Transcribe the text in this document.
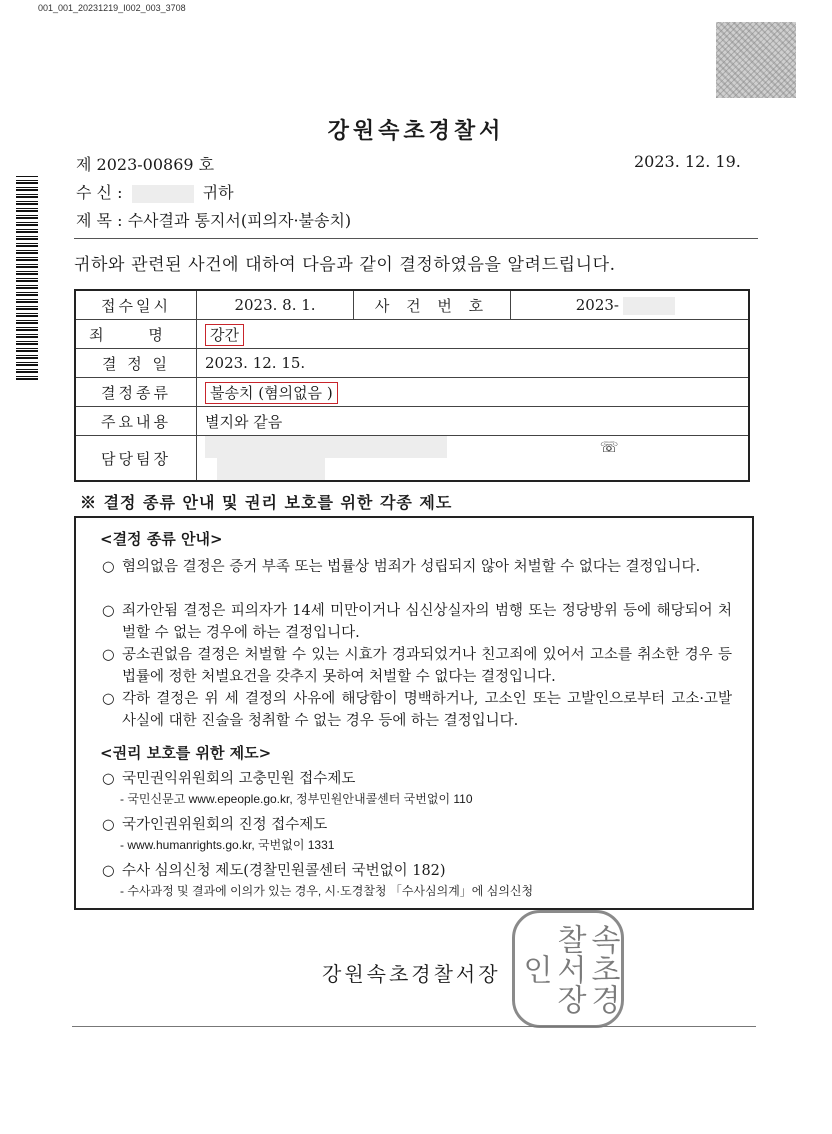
001_001_20231219_I002_003_3708
강원속초경찰서
제 2023-00869 호	2023. 12. 19.
수 신 :	귀하
제 목 : 수사결과 통지서(피의자·불송치)
귀하와 관련된 사건에 대하여 다음과 같이 결정하였음을 알려드립니다.
접수일시	2023. 8. 1.	사 건 번 호	2023-
죄 명	강간		
결 정 일	2023. 12. 15.		
결정종류	불송치 (혐의없음 )		
주요내용	별지와 같음		
담당팀장	☏		
※ 결정 종류 안내 및 권리 보호를 위한 각종 제도
<결정 종류 안내>
○ 혐의없음 결정은 증거 부족 또는 법률상 범죄가 성립되지 않아 처벌할 수 없다는 결정입니다.
○ 죄가안됨 결정은 피의자가 14세 미만이거나 심신상실자의 범행 또는 정당방위 등에 해당되어 처벌할 수 없는 경우에 하는 결정입니다.
○ 공소권없음 결정은 처벌할 수 있는 시효가 경과되었거나 친고죄에 있어서 고소를 취소한 경우 등 법률에 정한 처벌요건을 갖추지 못하여 처벌할 수 없다는 결정입니다.
○ 각하 결정은 위 세 결정의 사유에 해당함이 명백하거나, 고소인 또는 고발인으로부터 고소·고발 사실에 대한 진술을 청취할 수 없는 경우 등에 하는 결정입니다.
<권리 보호를 위한 제도>
○ 국민권익위원회의 고충민원 접수제도
- 국민신문고 www.epeople.go.kr, 정부민원안내콜센터 국번없이 110
○ 국가인권위원회의 진정 접수제도
- www.humanrights.go.kr, 국번없이 1331
○ 수사 심의신청 제도(경찰민원콜센터 국번없이 182)
- 수사과정 및 결과에 이의가 있는 경우, 시·도경찰청 「수사심의계」에 심의신청
강원속초경찰서장	속초경찰서장인
